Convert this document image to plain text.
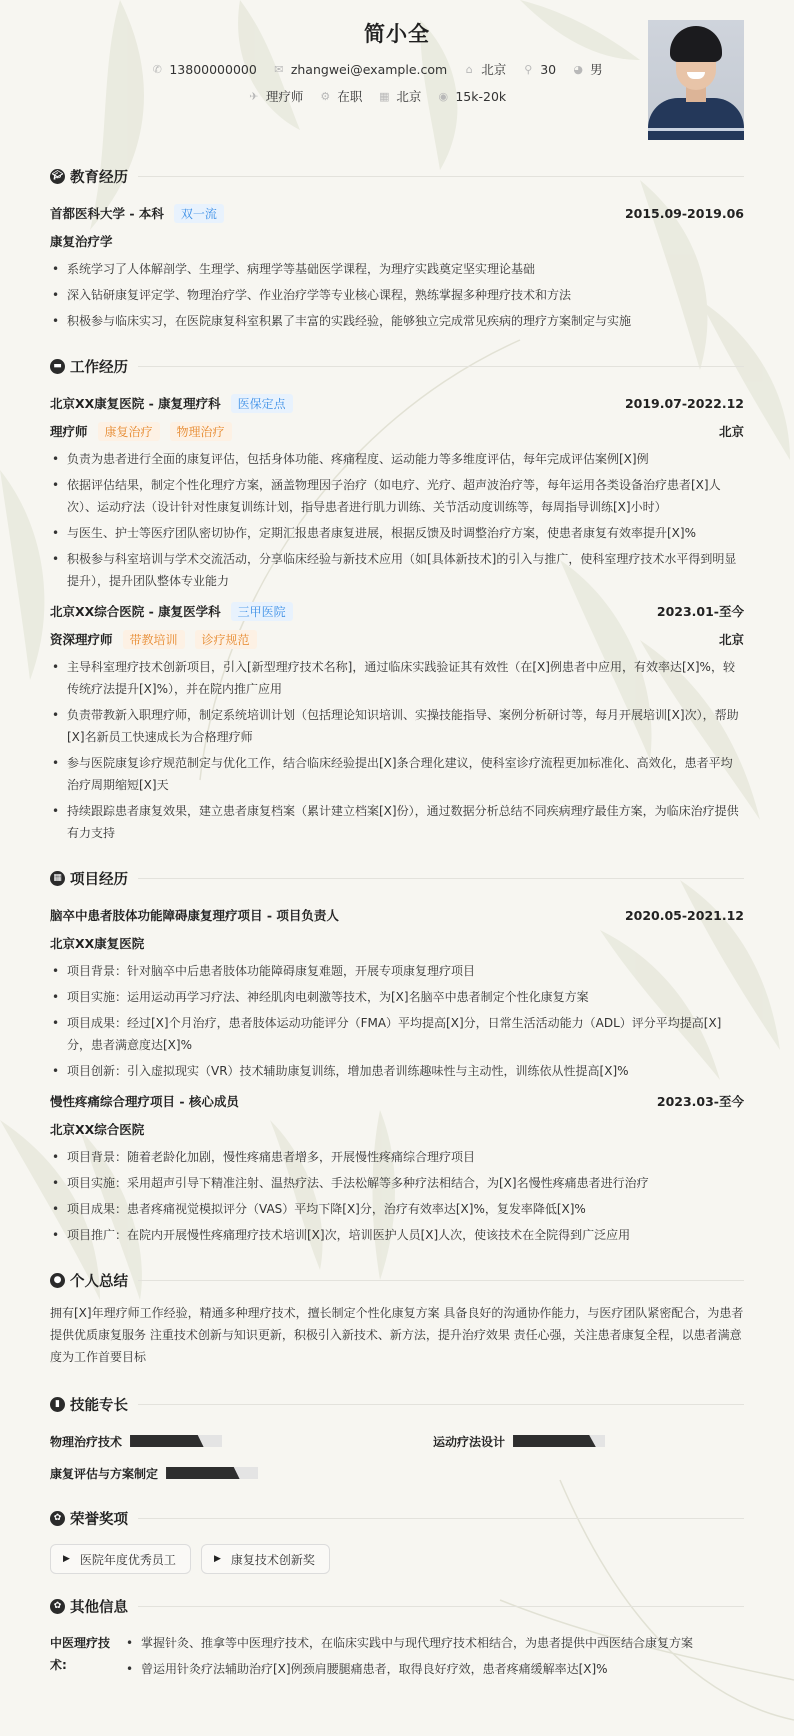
简小全
✆ 13800000000 ✉ zhangwei@example.com ⌂ 北京 ⚲ 30 ◕ 男
✈ 理疗师 ⚙ 在职 ▦ 北京 ◉ 15k-20k
🎓︎ 教育经历
首都医科大学 - 本科	双一流	2015.09-2019.06
康复治疗学
• 系统学习了人体解剖学、生理学、病理学等基础医学课程，为理疗实践奠定坚实理论基础
• 深入钻研康复评定学、物理治疗学、作业治疗学等专业核心课程，熟练掌握多种理疗技术和方法
• 积极参与临床实习，在医院康复科室积累了丰富的实践经验，能够独立完成常见疾病的理疗方案制定与实施
▬ 工作经历
北京XX康复医院 - 康复理疗科	医保定点	2019.07-2022.12
理疗师	康复治疗	物理治疗	北京
• 负责为患者进行全面的康复评估，包括身体功能、疼痛程度、运动能力等多维度评估，每年完成评估案例[X]例
• 依据评估结果，制定个性化理疗方案，涵盖物理因子治疗（如电疗、光疗、超声波治疗等，每年运用各类设备治疗患者[X]人次）、运动疗法（设计针对性康复训练计划，指导患者进行肌力训练、关节活动度训练等，每周指导训练[X]小时）
• 与医生、护士等医疗团队密切协作，定期汇报患者康复进展，根据反馈及时调整治疗方案，使患者康复有效率提升[X]%
• 积极参与科室培训与学术交流活动，分享临床经验与新技术应用（如[具体新技术]的引入与推广，使科室理疗技术水平得到明显提升），提升团队整体专业能力
北京XX综合医院 - 康复医学科	三甲医院	2023.01-至今
资深理疗师	带教培训	诊疗规范	北京
• 主导科室理疗技术创新项目，引入[新型理疗技术名称]，通过临床实践验证其有效性（在[X]例患者中应用，有效率达[X]%，较传统疗法提升[X]%），并在院内推广应用
• 负责带教新入职理疗师，制定系统培训计划（包括理论知识培训、实操技能指导、案例分析研讨等，每月开展培训[X]次），帮助[X]名新员工快速成长为合格理疗师
• 参与医院康复诊疗规范制定与优化工作，结合临床经验提出[X]条合理化建议，使科室诊疗流程更加标准化、高效化，患者平均治疗周期缩短[X]天
• 持续跟踪患者康复效果，建立患者康复档案（累计建立档案[X]份），通过数据分析总结不同疾病理疗最佳方案，为临床治疗提供有力支持
▦ 项目经历
脑卒中患者肢体功能障碍康复理疗项目 - 项目负责人	2020.05-2021.12
北京XX康复医院
• 项目背景：针对脑卒中后患者肢体功能障碍康复难题，开展专项康复理疗项目
• 项目实施：运用运动再学习疗法、神经肌肉电刺激等技术，为[X]名脑卒中患者制定个性化康复方案
• 项目成果：经过[X]个月治疗，患者肢体运动功能评分（FMA）平均提高[X]分，日常生活活动能力（ADL）评分平均提高[X]分，患者满意度达[X]%
• 项目创新：引入虚拟现实（VR）技术辅助康复训练，增加患者训练趣味性与主动性，训练依从性提高[X]%
慢性疼痛综合理疗项目 - 核心成员	2023.03-至今
北京XX综合医院
• 项目背景：随着老龄化加剧，慢性疼痛患者增多，开展慢性疼痛综合理疗项目
• 项目实施：采用超声引导下精准注射、温热疗法、手法松解等多种疗法相结合，为[X]名慢性疼痛患者进行治疗
• 项目成果：患者疼痛视觉模拟评分（VAS）平均下降[X]分，治疗有效率达[X]%，复发率降低[X]%
• 项目推广：在院内开展慢性疼痛理疗技术培训[X]次，培训医护人员[X]人次，使该技术在全院得到广泛应用
● 个人总结

拥有[X]年理疗师工作经验，精通多种理疗技术，擅长制定个性化康复方案 具备良好的沟通协作能力，与医疗团队紧密配合，为患者提供优质康复服务 注重技术创新与知识更新，积极引入新技术、新方法，提升治疗效果 责任心强，关注患者康复全程，以患者满意度为工作首要目标

▮ 技能专长
物理治疗技术	运动疗法设计
康复评估与方案制定
✿ 荣誉奖项
▶ 医院年度优秀员工	▶ 康复技术创新奖
✿ 其他信息
中医理疗技术:
• 掌握针灸、推拿等中医理疗技术，在临床实践中与现代理疗技术相结合，为患者提供中西医结合康复方案
• 曾运用针灸疗法辅助治疗[X]例颈肩腰腿痛患者，取得良好疗效，患者疼痛缓解率达[X]%
